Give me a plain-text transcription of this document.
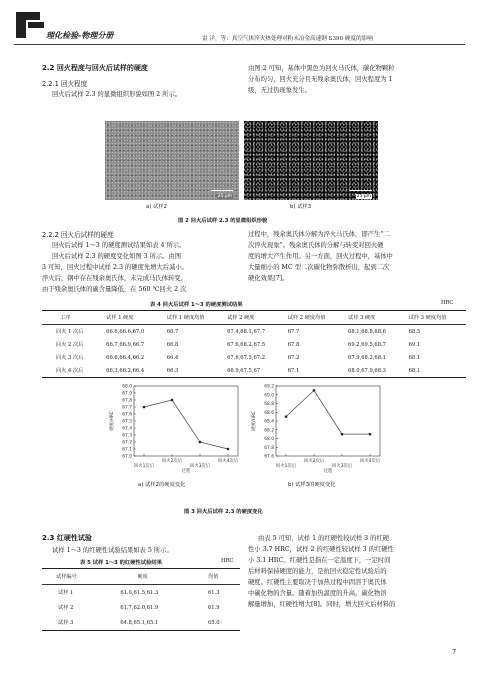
理化检验-物理分册	雷 洋，等：真空气体淬火热处理对粉末冶金高速钢 S390 硬度的影响
2.2 回火程度与回火后试样的硬度
2.2.1 回火程度
回火后试样 2.3 的显微组织形貌如图 2 所示。
由图 2 可知，基体中黑色为回火马氏体，碳化物颗粒
分布均匀，回火充分且无残余奥氏体，回火程度为 1
级，无过热现象发生。
25 μm	25 μm
a) 试样2	b) 试样3
图 2 回火后试样 2.3 的显微组织形貌
2.2.2 回火后试样的硬度
回火后试样 1～3 的硬度测试结果如表 4 所示。
回火后试样 2.3 的硬度变化如图 3 所示。由图
3 可知，回火过程中试样 2.3 的硬度先增大后减小。
淬火后，钢中存在残余奥氏体，未完成马氏体转变。
由于残余奥氏体的碳含量降低，在 560 ℃回火 2 次
过程中，残余奥氏体分解为淬火马氏体，即产生“二
次淬火现象”。残余奥氏体的分解与转变对回火硬
度的增大产生作用。另一方面，回火过程中，基体中
大量细小的 MC 型二次碳化物弥散析出，起到二次
硬化效果[7]。
表 4 回火后试样 1～3 的硬度测试结果	HRC
工序	试样 1 硬度	试样 1 硬度均值	试样 2 硬度	试样 2 硬度均值	试样 3 硬度	试样 3 硬度均值
回火 1 次后	66.6,66.6,67.0	66.7	67.4,68.1,67.7	67.7	68.1,68.8,68.6	68.5
回火 2 次后	66.7,66.9,66.7	66.8	67.6,68.2,67.5	67.8	69.2,69.5,68.7	69.1
回火 3 次后	66.6,66.4,66.2	66.4	67.6,67.5,67.2	67.2	67.9,68.2,68.1	68.1
回火 4 次后	66.3,66.2,66.4	66.3	66.9,67.5,67	67.1	68.0,67.9,68.3	68.1
67.0
67.1
67.2
67.3
67.4
67.5
67.6
67.7
67.8
67.9
68.0
硬度/HRC
回火1次后
回火2次后
回火3次后
回火4次后
过程
67.6
67.8
68.0
68.2
68.4
68.6
68.8
69.0
69.2
硬度/HRC
回火1次后
回火2次后
回火3次后
回火4次后
过程
a) 试样2的硬度变化	b) 试样3的硬度变化
图 3 回火后试样 2.3 的硬度变化
2.3 红硬性试验
试样 1～3 的红硬性试验结果如表 5 所示。
表 5 试样 1～3 的红硬性试验结果	HRC
试样编号	硬度	均值
试样 1	61.0,61.5,61.3	61.3
试样 2	61.7,62.0,61.9	61.9
试样 3	64.8,65.1,65.1	65.0
由表 5 可知，试样 1 的红硬性较试样 3 的红硬
性小 3.7 HRC，试样 2 的红硬性较试样 3 的红硬性
小 3.1 HRC。红硬性是指在一定温度下，一定时间
后材料保持硬度的能力，是抗回火稳定性试验后的
硬度。红硬性主要取决于加热过程中固溶于奥氏体
中碳化物的含量。随着加热温度的升高，碳化物溶
解量增加，红硬性增大[8]。同时，增大回火后材料的
7
